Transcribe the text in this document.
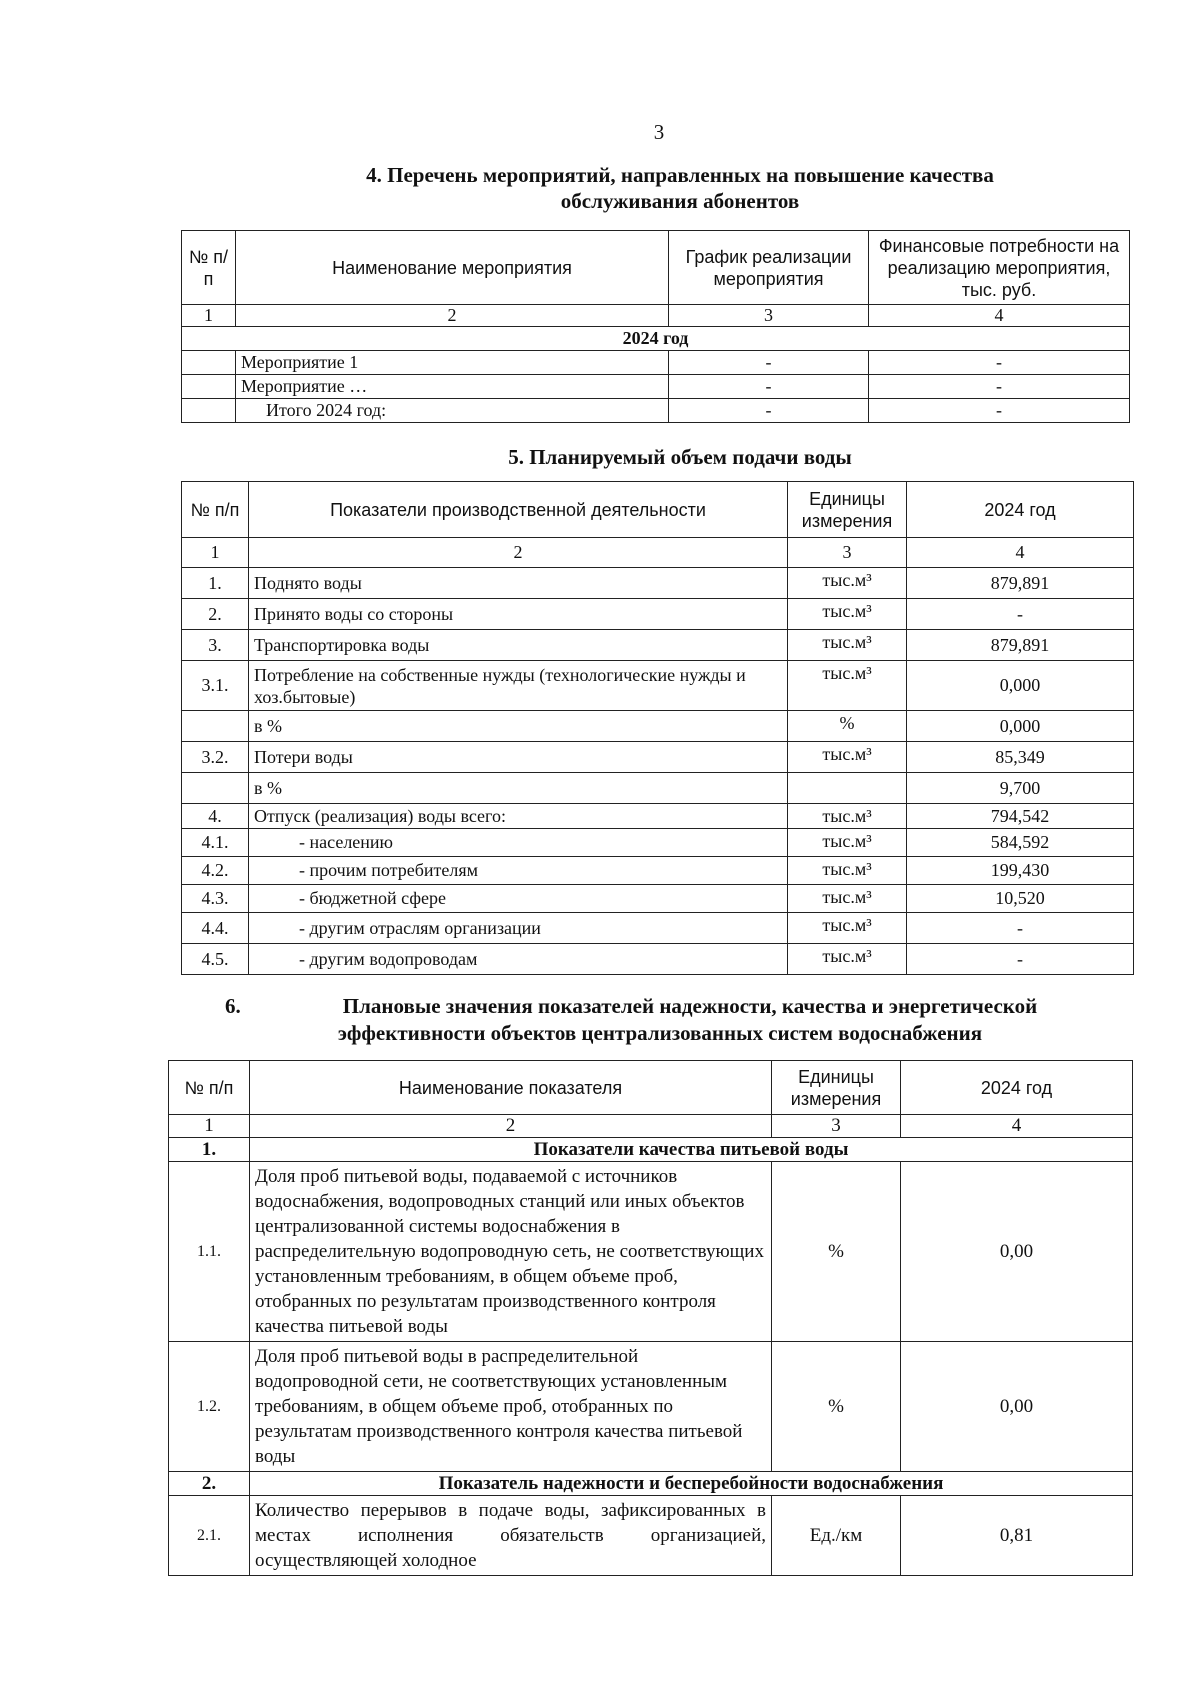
3
4. Перечень мероприятий, направленных на повышение качества
обслуживания абонентов
№ п/п	Наименование мероприятия	График реализации мероприятия	Финансовые потребности на реализацию мероприятия, тыс. руб.
1	2	3	4
2024 год			
	Мероприятие 1	-	-
	Мероприятие …	-	-
	Итого 2024 год:	-	-
5. Планируемый объем подачи воды
№ п/п	Показатели производственной деятельности	Единицы измерения	2024 год
1	2	3	4
1.	Поднято воды	тыс.м³	879,891
2.	Принято воды со стороны	тыс.м³	-
3.	Транспортировка воды	тыс.м³	879,891
3.1.	Потребление на собственные нужды (технологические нужды и хоз.бытовые)	тыс.м³	0,000
	в %	%	0,000
3.2.	Потери воды	тыс.м³	85,349
	в %		9,700
4.	Отпуск (реализация) воды всего:	тыс.м³	794,542
4.1.	- населению	тыс.м³	584,592
4.2.	- прочим потребителям	тыс.м³	199,430
4.3.	- бюджетной сфере	тыс.м³	10,520
4.4.	- другим отраслям организации	тыс.м³	-
4.5.	- другим водопроводам	тыс.м³	-
6.	Плановые значения показателей надежности, качества и энергетической
эффективности объектов централизованных систем водоснабжения
№ п/п	Наименование показателя	Единицы измерения	2024 год
1	2	3	4
1.	Показатели качества питьевой воды		
1.1.	Доля проб питьевой воды, подаваемой с источников водоснабжения, водопроводных станций или иных объектов централизованной системы водоснабжения в распределительную водопроводную сеть, не соответствующих установленным требованиям, в общем объеме проб, отобранных по результатам производственного контроля качества питьевой воды	%	0,00
1.2.	Доля проб питьевой воды в распределительной водопроводной сети, не соответствующих установленным требованиям, в общем объеме проб, отобранных по результатам производственного контроля качества питьевой воды	%	0,00
2.	Показатель надежности и бесперебойности водоснабжения		
2.1.	Количество перерывов в подаче воды, зафиксированных в местах исполнения обязательств организацией, осуществляющей холодное	Ед./км	0,81
